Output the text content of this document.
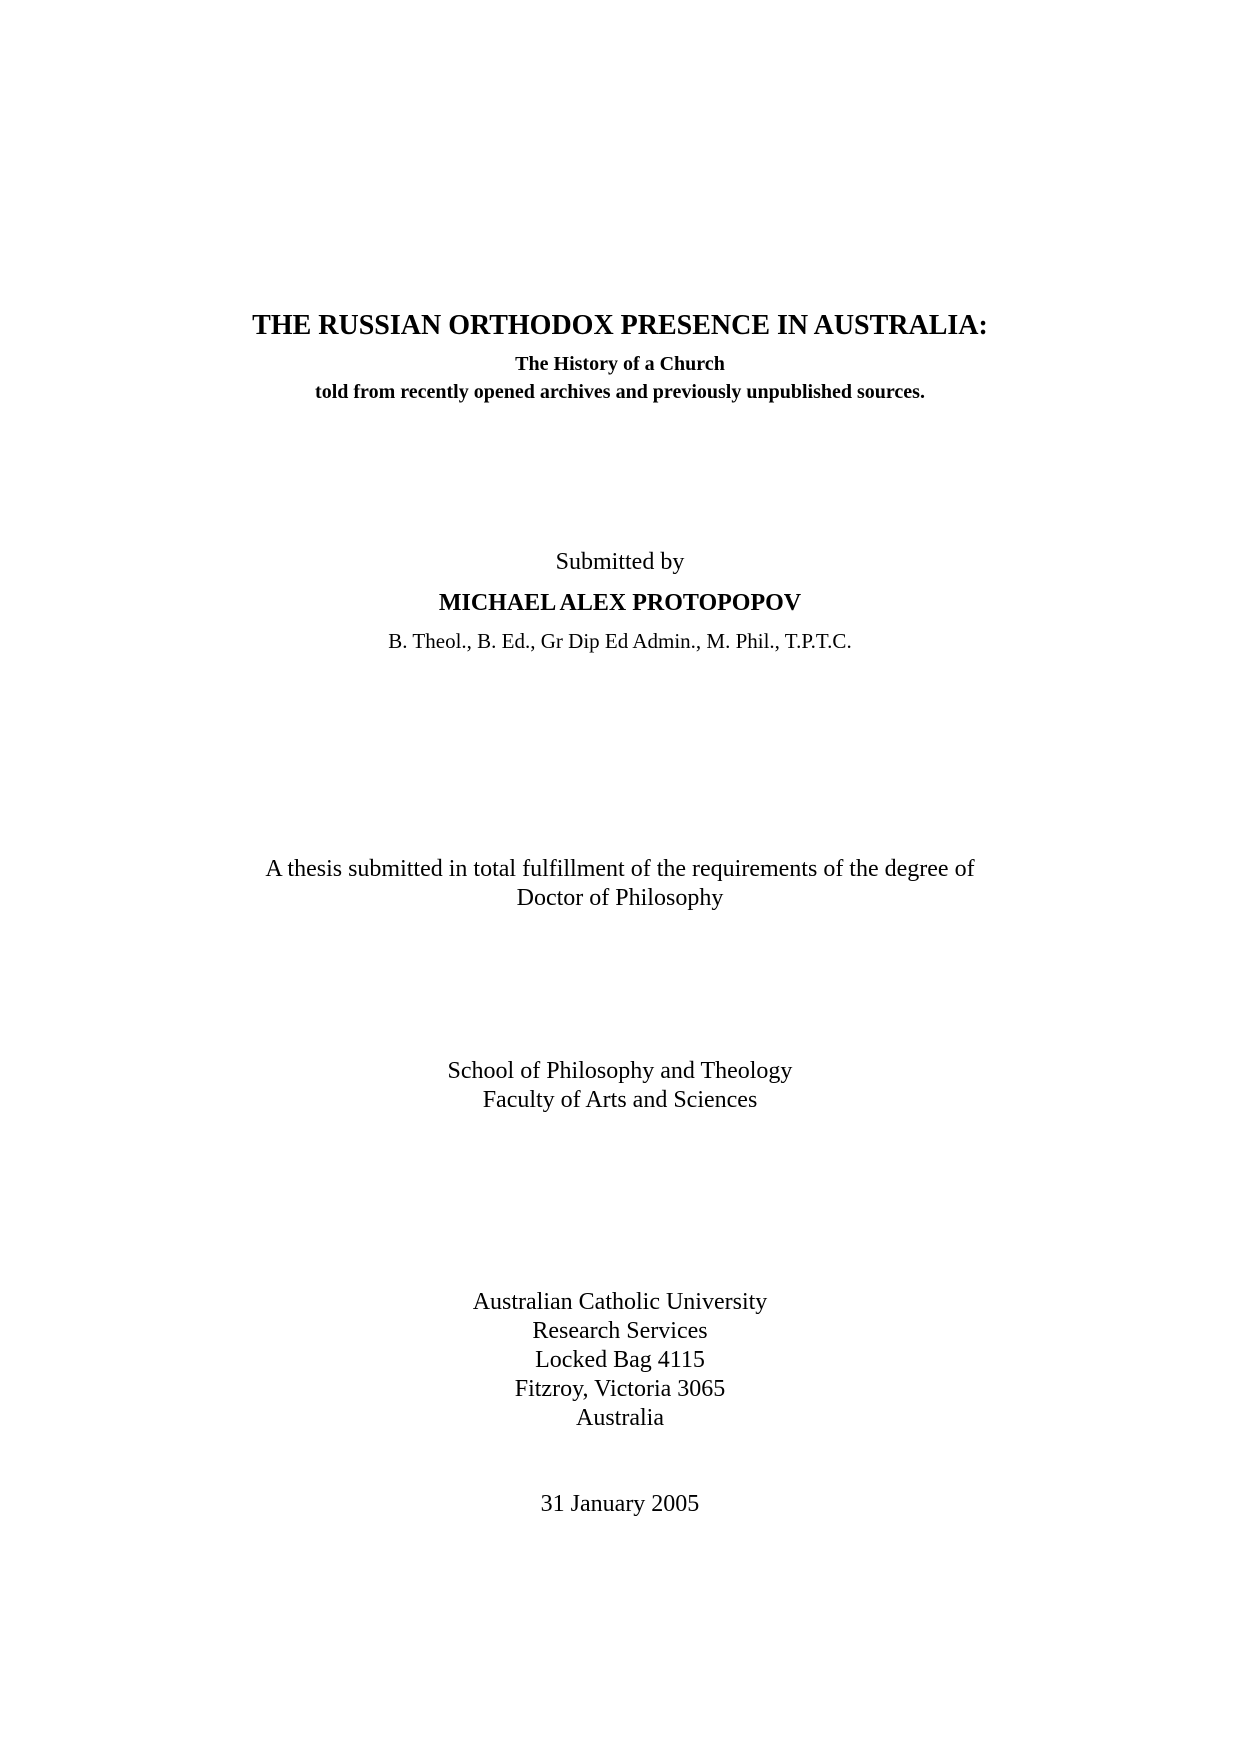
THE RUSSIAN ORTHODOX PRESENCE IN AUSTRALIA:
The History of a Church
told from recently opened archives and previously unpublished sources.
Submitted by
MICHAEL ALEX PROTOPOPOV
B. Theol., B. Ed., Gr Dip Ed Admin., M. Phil., T.P.T.C.
A thesis submitted in total fulfillment of the requirements of the degree of
Doctor of Philosophy
School of Philosophy and Theology
Faculty of Arts and Sciences
Australian Catholic University
Research Services
Locked Bag 4115
Fitzroy, Victoria 3065
Australia
31 January 2005
